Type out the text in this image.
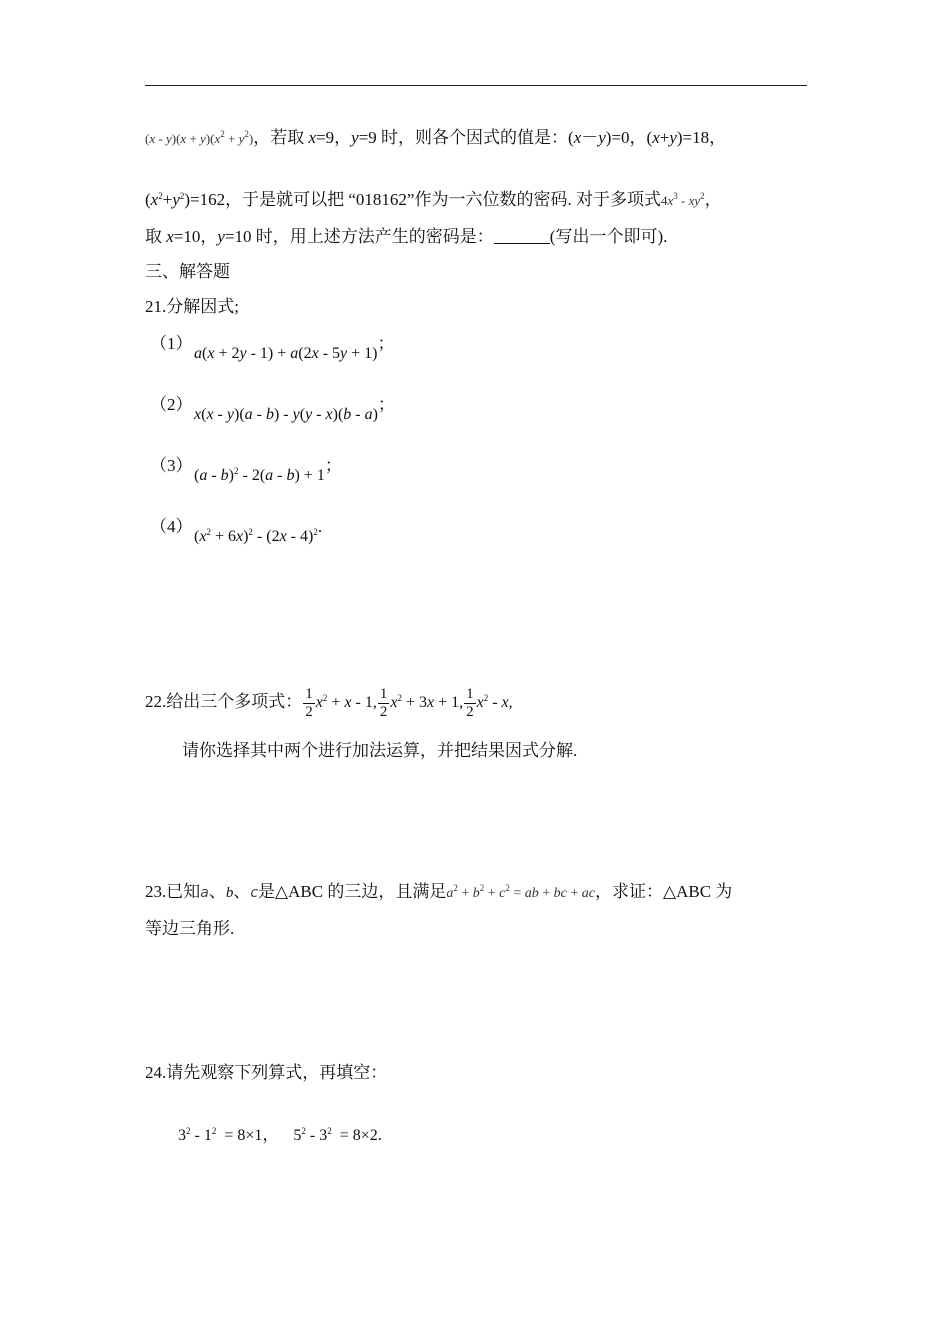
$(x - y)(x + y)(x^2 + y^2)$，若取 x=9，y=9 时，则各个因式的值是：(x－y)=0，(x+y)=18，
$(x^2+y^2)=162$，于是就可以把 “018162”作为一六位数的密码. 对于多项式$4x^3 - xy^2$，
取 x=10，y=10 时，用上述方法产生的密码是：	(写出一个即可).
三、解答题
21.分解因式;
（1）a(x + 2y - 1) + a(2x - 5y + 1)；
（2）x(x - y)(a - b) - y(y - x)(b - a)；
（3）(a - b)$^2$ - 2(a - b) + 1；
$(4)(x^2 + 6x)^2 - (2x - 4)^2$.
22.给出三个多项式： $\frac{1}{2} x^2 + x - 1$, $\frac{1}{2} x^2 + 3x + 1$, $\frac{1}{2} x^2$ - x,
请你选择其中两个进行加法运算，并把结果因式分解.
23.已知a、b、c是△ABC 的三边，且满足$a^2 + b^2 + c^2$ = ab + bc + ac，求证：△ABC 为
等边三角形.
24.请先观察下列算式，再填空：
$3^2 - 1^2 = 8\times 1$， $5^2 - 3^2 = 8\times 2$.
